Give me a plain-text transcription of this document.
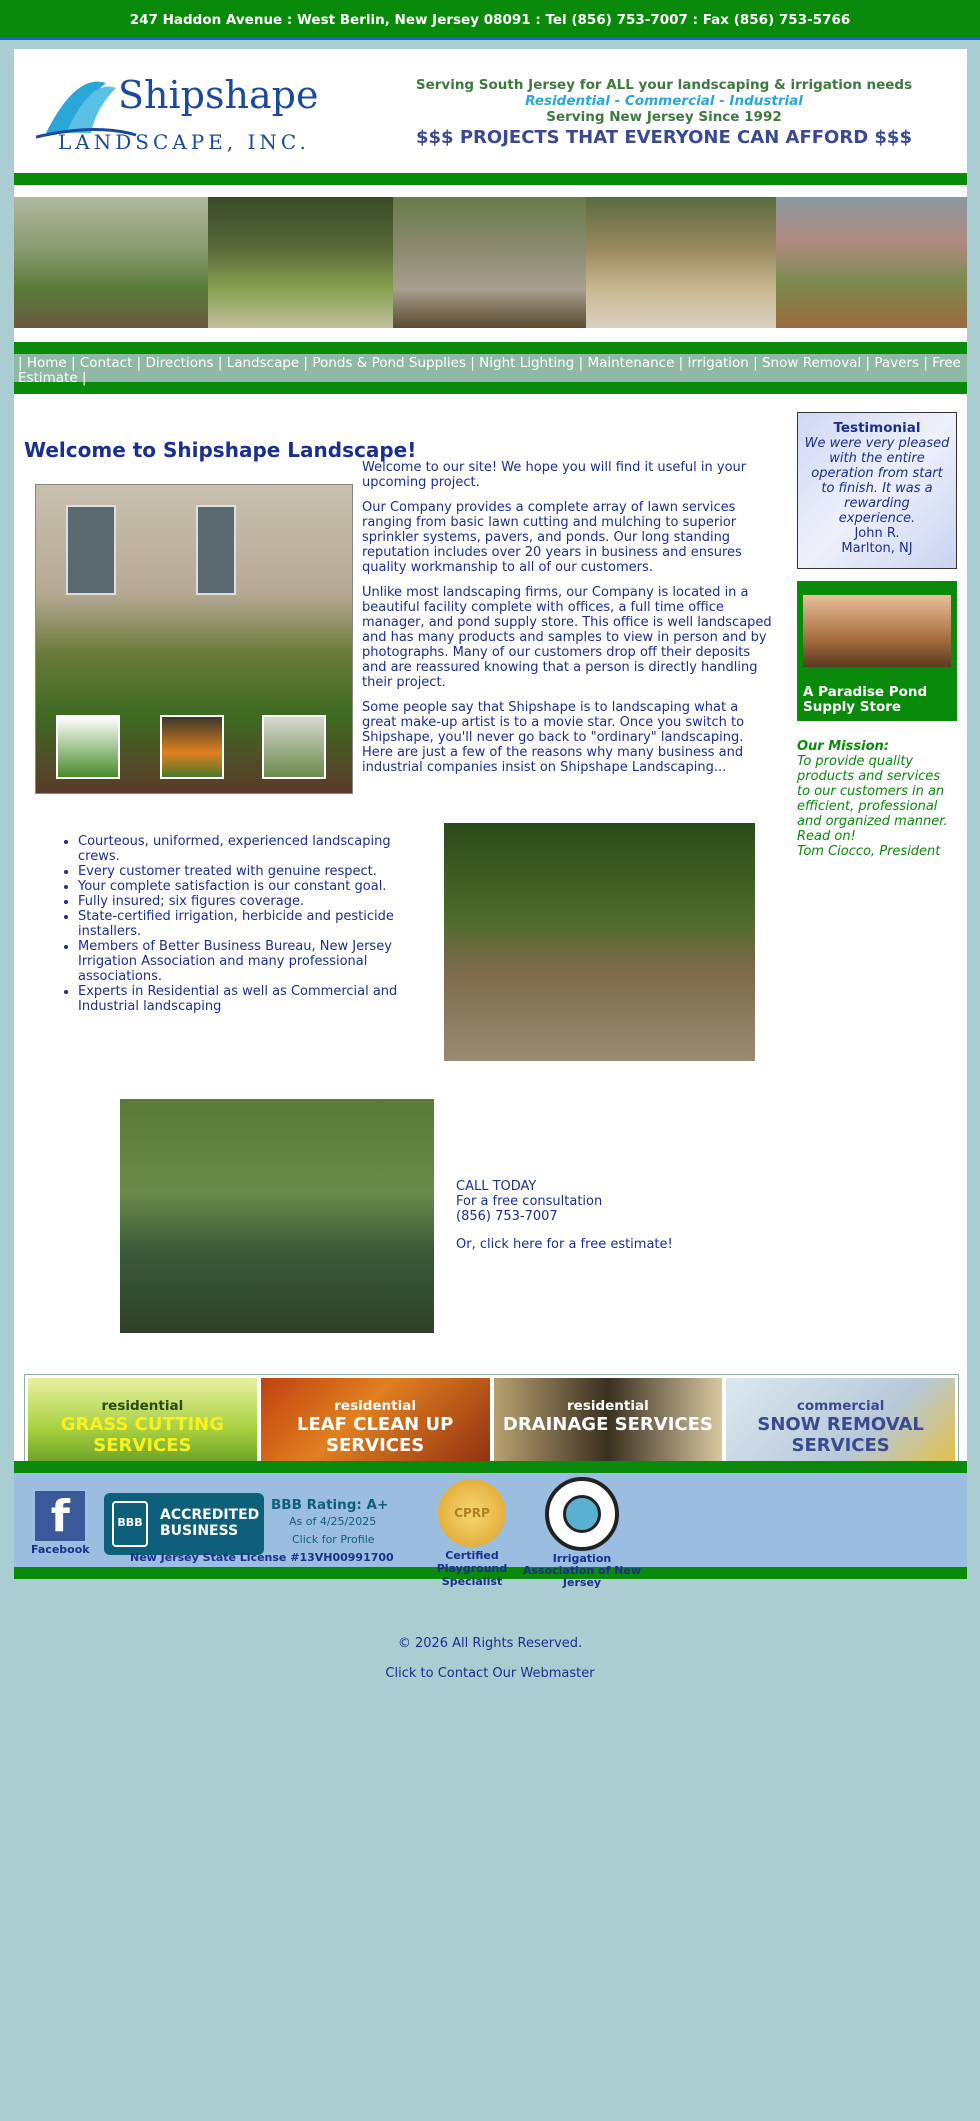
247 Haddon Avenue : West Berlin, New Jersey 08091 : Tel (856) 753-7007 : Fax (856) 753-5766
Shipshape
LANDSCAPE, INC.
Serving South Jersey for ALL your landscaping & irrigation needs
Residential - Commercial - Industrial
Serving New Jersey Since 1992
$$$ PROJECTS THAT EVERYONE CAN AFFORD $$$
| Home | Contact | Directions | Landscape | Ponds & Pond Supplies | Night Lighting | Maintenance | Irrigation | Snow Removal | Pavers | Free Estimate |
Welcome to Shipshape Landscape!

Welcome to our site! We hope you will find it useful in your upcoming project.

Our Company provides a complete array of lawn services ranging from basic lawn cutting and mulching to superior sprinkler systems, pavers, and ponds. Our long standing reputation includes over 20 years in business and ensures quality workmanship to all of our customers.

Unlike most landscaping firms, our Company is located in a beautiful facility complete with offices, a full time office manager, and pond supply store. This office is well landscaped and has many products and samples to view in person and by photographs. Many of our customers drop off their deposits and are reassured knowing that a person is directly handling their project.

Some people say that Shipshape is to landscaping what a great make-up artist is to a movie star. Once you switch to Shipshape, you'll never go back to "ordinary" landscaping. Here are just a few of the reasons why many business and industrial companies insist on Shipshape Landscaping...

• Courteous, uniformed, experienced landscaping crews.
• Every customer treated with genuine respect.
• Your complete satisfaction is our constant goal.
• Fully insured; six figures coverage.
• State-certified irrigation, herbicide and pesticide installers.
• Members of Better Business Bureau, New Jersey Irrigation Association and many professional associations.
• Experts in Residential as well as Commercial and Industrial landscaping
CALL TODAY
For a free consultation
(856) 753-7007
Or, click here for a free estimate!
Testimonial
We were very pleased with the entire operation from start to finish. It was a rewarding experience.
John R.
Marlton, NJ
A Paradise Pond Supply Store
Our Mission:
To provide quality products and services to our customers in an efficient, professional and organized manner. Read on!
Tom Ciocco, President
residential
GRASS CUTTING SERVICES
residential
LEAF CLEAN UP SERVICES
residential
DRAINAGE SERVICES
commercial
SNOW REMOVAL SERVICES
f
Facebook
BBB	ACCREDITED
BUSINESS
BBB Rating: A+
As of 4/25/2025
Click for Profile
New Jersey State License #13VH00991700
CPRP
Certified Playground Specialist
Irrigation Association of New Jersey
© 2026 All Rights Reserved.
Click to Contact Our Webmaster
